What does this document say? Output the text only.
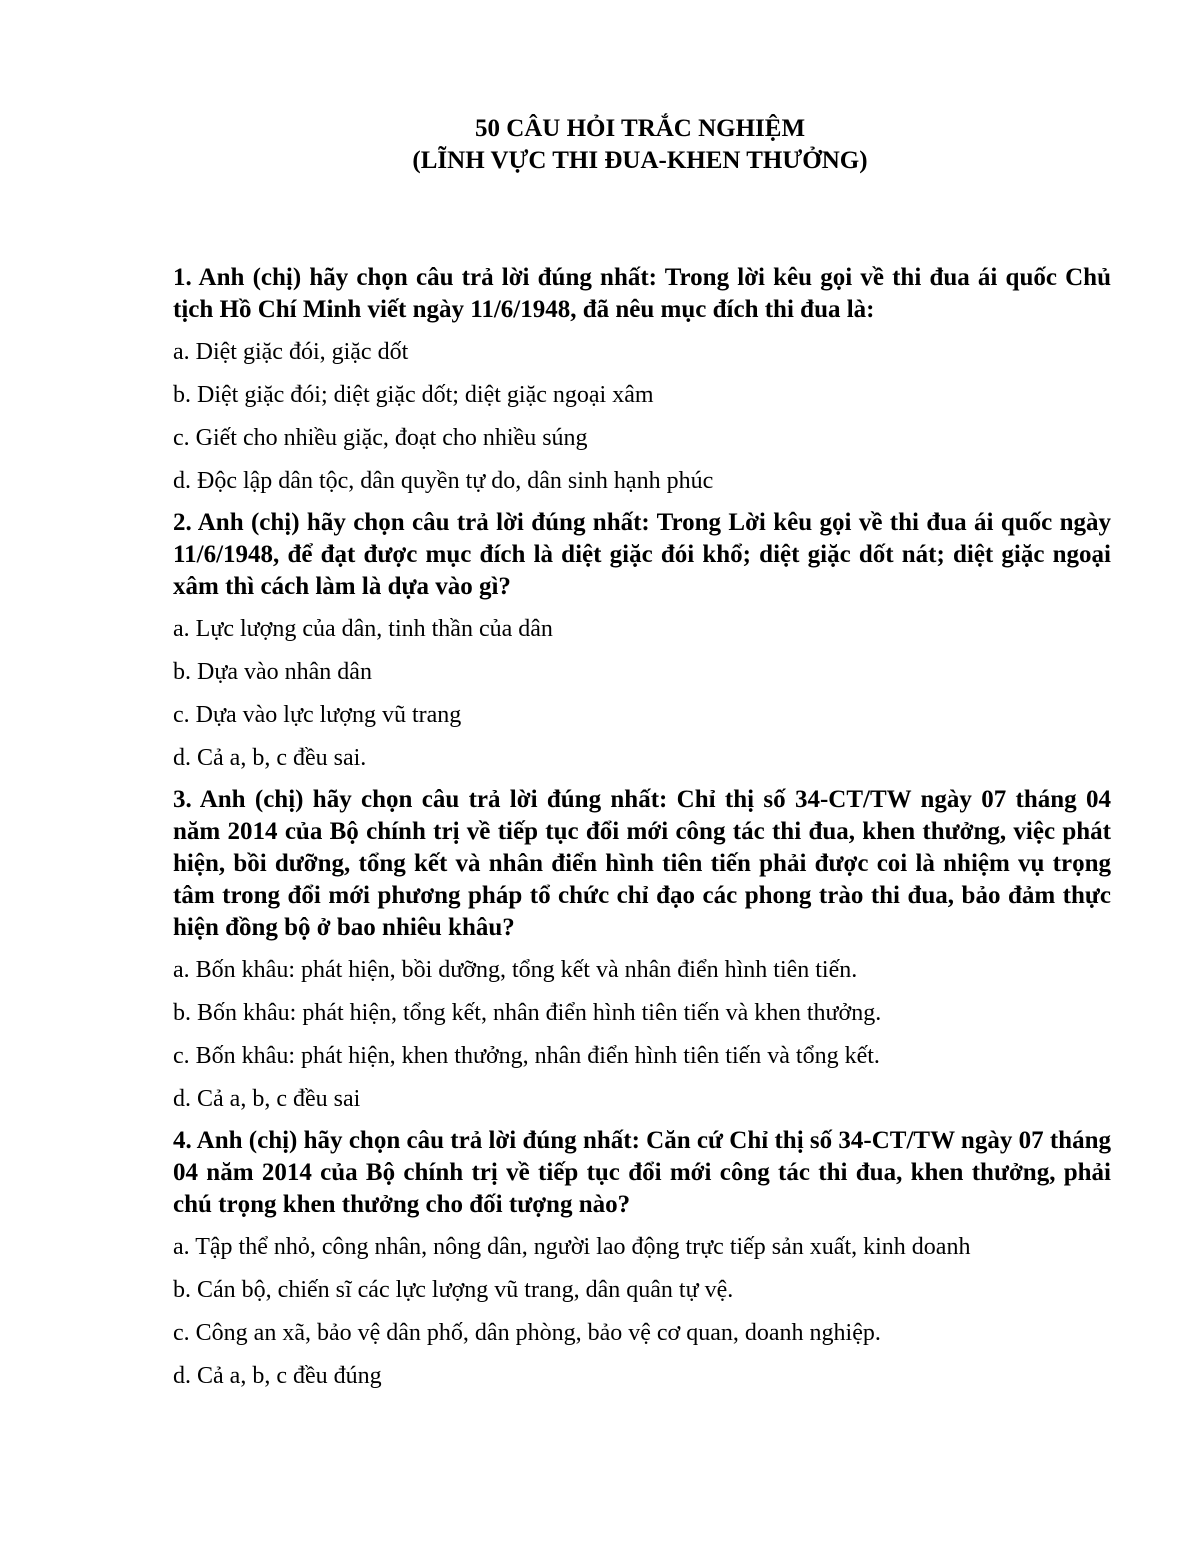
50 CÂU HỎI TRẮC NGHIỆM
(LĨNH VỰC THI ĐUA-KHEN THƯỞNG)
1. Anh (chị) hãy chọn câu trả lời đúng nhất: Trong lời kêu gọi về thi đua ái quốc Chủ tịch Hồ Chí Minh viết ngày 11/6/1948, đã nêu mục đích thi đua là:
a. Diệt giặc đói, giặc dốt
b. Diệt giặc đói; diệt giặc dốt; diệt giặc ngoại xâm
c. Giết cho nhiều giặc, đoạt cho nhiều súng
d. Độc lập dân tộc, dân quyền tự do, dân sinh hạnh phúc
2. Anh (chị) hãy chọn câu trả lời đúng nhất: Trong Lời kêu gọi về thi đua ái quốc ngày 11/6/1948, để đạt được mục đích là diệt giặc đói khổ; diệt giặc dốt nát; diệt giặc ngoại xâm thì cách làm là dựa vào gì?
a. Lực lượng của dân, tinh thần của dân
b. Dựa vào nhân dân
c. Dựa vào lực lượng vũ trang
d. Cả a, b, c đều sai.
3. Anh (chị) hãy chọn câu trả lời đúng nhất: Chỉ thị số 34-CT/TW ngày 07 tháng 04 năm 2014 của Bộ chính trị về tiếp tục đổi mới công tác thi đua, khen thưởng, việc phát hiện, bồi dưỡng, tổng kết và nhân điển hình tiên tiến phải được coi là nhiệm vụ trọng tâm trong đổi mới phương pháp tổ chức chỉ đạo các phong trào thi đua, bảo đảm thực hiện đồng bộ ở bao nhiêu khâu?
a. Bốn khâu: phát hiện, bồi dưỡng, tổng kết và nhân điển hình tiên tiến.
b. Bốn khâu: phát hiện, tổng kết, nhân điển hình tiên tiến và khen thưởng.
c. Bốn khâu: phát hiện, khen thưởng, nhân điển hình tiên tiến và tổng kết.
d. Cả a, b, c đều sai
4. Anh (chị) hãy chọn câu trả lời đúng nhất: Căn cứ Chỉ thị số 34-CT/TW ngày 07 tháng 04 năm 2014 của Bộ chính trị về tiếp tục đổi mới công tác thi đua, khen thưởng, phải chú trọng khen thưởng cho đối tượng nào?
a. Tập thể nhỏ, công nhân, nông dân, người lao động trực tiếp sản xuất, kinh doanh
b. Cán bộ, chiến sĩ các lực lượng vũ trang, dân quân tự vệ.
c. Công an xã, bảo vệ dân phố, dân phòng, bảo vệ cơ quan, doanh nghiệp.
d. Cả a, b, c đều đúng
